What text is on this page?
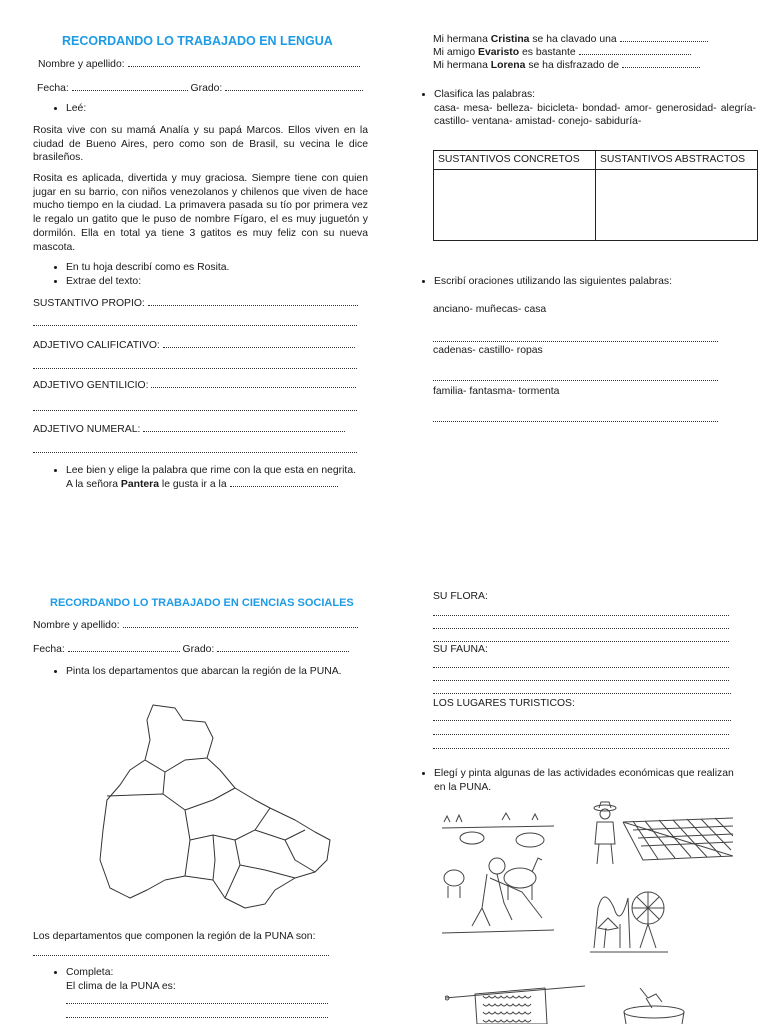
RECORDANDO LO TRABAJADO EN LENGUA
Nombre y apellido:
Fecha:	Grado:
• Leé:

Rosita vive con su mamá Analía y su papá Marcos. Ellos viven en la ciudad de Bueno Aires, pero como son de Brasil, su vecina le dice brasileños.

Rosita es aplicada, divertida y muy graciosa. Siempre tiene con quien jugar en su barrio, con niños venezolanos y chilenos que viven de hace mucho tiempo en la ciudad. La primavera pasada su tío por primera vez le regalo un gatito que le puso de nombre Fígaro, el es muy juguetón y dormilón. Ella en total ya tiene 3 gatitos es muy feliz con su nueva mascota.

• En tu hoja describí como es Rosita.
• Extrae del texto:
SUSTANTIVO PROPIO:
ADJETIVO CALIFICATIVO:
ADJETIVO GENTILICIO:
ADJETIVO NUMERAL:
• Lee bien y elige la palabra que rime con la que esta en negrita.
A la señora Pantera le gusta ir a la
Mi hermana Cristina se ha clavado una
Mi amigo Evaristo es bastante
Mi hermana Lorena se ha disfrazado de
• Clasifica las palabras:
casa- mesa- belleza- bicicleta- bondad- amor- generosidad- alegría- castillo- ventana- amistad- conejo- sabiduría-
SUSTANTIVOS CONCRETOS	SUSTANTIVOS ABSTRACTOS

• Escribí oraciones utilizando las siguientes palabras:
anciano- muñecas- casa
cadenas- castillo- ropas
familia- fantasma- tormenta
RECORDANDO LO TRABAJADO EN CIENCIAS SOCIALES
Nombre y apellido:
Fecha:	Grado:
• Pinta los departamentos que abarcan la región de la PUNA.
Los departamentos que componen la región de la PUNA son:
• Completa:
El clima de la PUNA es:
SU FLORA:
SU FAUNA:
LOS LUGARES TURISTICOS:
• Elegí y pinta algunas de las actividades económicas que realizan en la PUNA.
